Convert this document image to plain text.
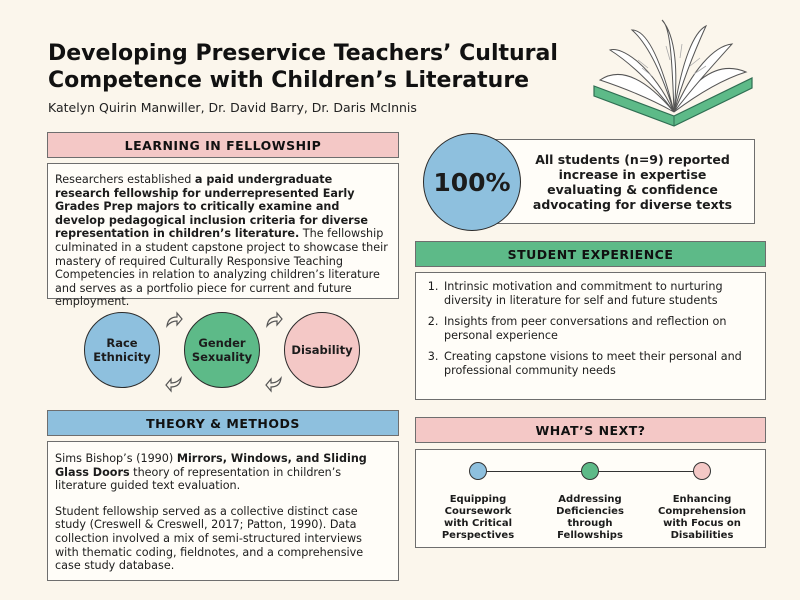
Developing Preservice Teachers’ Cultural
Competence with Children’s Literature
Katelyn Quirin Manwiller, Dr. David Barry, Dr. Daris McInnis
LEARNING IN FELLOWSHIP

Researchers established a paid undergraduate research fellowship for underrepresented Early Grades Prep majors to critically examine and develop pedagogical inclusion criteria for diverse representation in children’s literature. The fellowship culminated in a student capstone project to showcase their mastery of required Culturally Responsive Teaching Competencies in relation to analyzing children’s literature and serves as a portfolio piece for current and future employment.

Race
Ethnicity
Gender
Sexuality	Disability
THEORY & METHODS

Sims Bishop’s (1990) Mirrors, Windows, and Sliding Glass Doors theory of representation in children’s literature guided text evaluation.

Student fellowship served as a collective distinct case study (Creswell & Creswell, 2017; Patton, 1990). Data collection involved a mix of semi-structured interviews with thematic coding, fieldnotes, and a comprehensive case study database.

All students (n=9) reported
increase in expertise
evaluating & confidence
advocating for diverse texts
100%
STUDENT EXPERIENCE
1. Intrinsic motivation and commitment to nurturing diversity in literature for self and future students
2. Insights from peer conversations and reflection on personal experience
3. Creating capstone visions to meet their personal and professional community needs
WHAT’S NEXT?
Equipping
Coursework
with Critical
Perspectives
Addressing
Deficiencies
through
Fellowships
Enhancing
Comprehension
with Focus on
Disabilities
